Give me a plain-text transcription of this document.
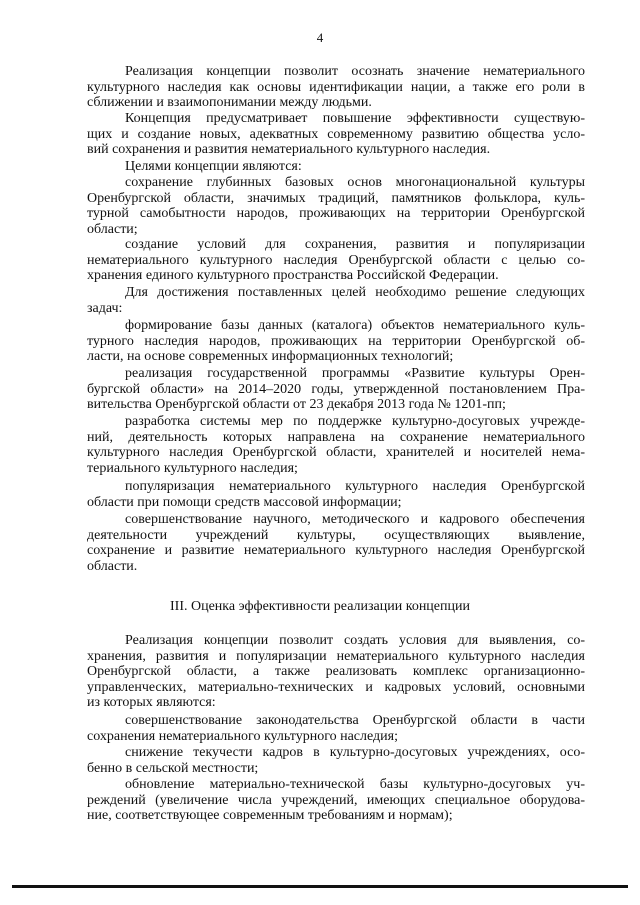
4
Реализация концепции позволит осознать значение нематериального
культурного наследия как основы идентификации нации, а также его роли в
сближении и взаимопонимании между людьми.
Концепция предусматривает повышение эффективности существую-
щих и создание новых, адекватных современному развитию общества усло-
вий сохранения и развития нематериального культурного наследия.
Целями концепции являются:
сохранение глубинных базовых основ многонациональной культуры
Оренбургской области, значимых традиций, памятников фольклора, куль-
турной самобытности народов, проживающих на территории Оренбургской
области;
создание условий для сохранения, развития и популяризации
нематериального культурного наследия Оренбургской области с целью со-
хранения единого культурного пространства Российской Федерации.
Для достижения поставленных целей необходимо решение следующих
задач:
формирование базы данных (каталога) объектов нематериального куль-
турного наследия народов, проживающих на территории Оренбургской об-
ласти, на основе современных информационных технологий;
реализация государственной программы «Развитие культуры Орен-
бургской области» на 2014–2020 годы, утвержденной постановлением Пра-
вительства Оренбургской области от 23 декабря 2013 года № 1201-пп;
разработка системы мер по поддержке культурно-досуговых учрежде-
ний, деятельность которых направлена на сохранение нематериального
культурного наследия Оренбургской области, хранителей и носителей нема-
териального культурного наследия;
популяризация нематериального культурного наследия Оренбургской
области при помощи средств массовой информации;
совершенствование научного, методического и кадрового обеспечения
деятельности учреждений культуры, осуществляющих выявление,
сохранение и развитие нематериального культурного наследия Оренбургской
области.
III. Оценка эффективности реализации концепции
Реализация концепции позволит создать условия для выявления, со-
хранения, развития и популяризации нематериального культурного наследия
Оренбургской области, а также реализовать комплекс организационно-
управленческих, материально-технических и кадровых условий, основными
из которых являются:
совершенствование законодательства Оренбургской области в части
сохранения нематериального культурного наследия;
снижение текучести кадров в культурно-досуговых учреждениях, осо-
бенно в сельской местности;
обновление материально-технической базы культурно-досуговых уч-
реждений (увеличение числа учреждений, имеющих специальное оборудова-
ние, соответствующее современным требованиям и нормам);
